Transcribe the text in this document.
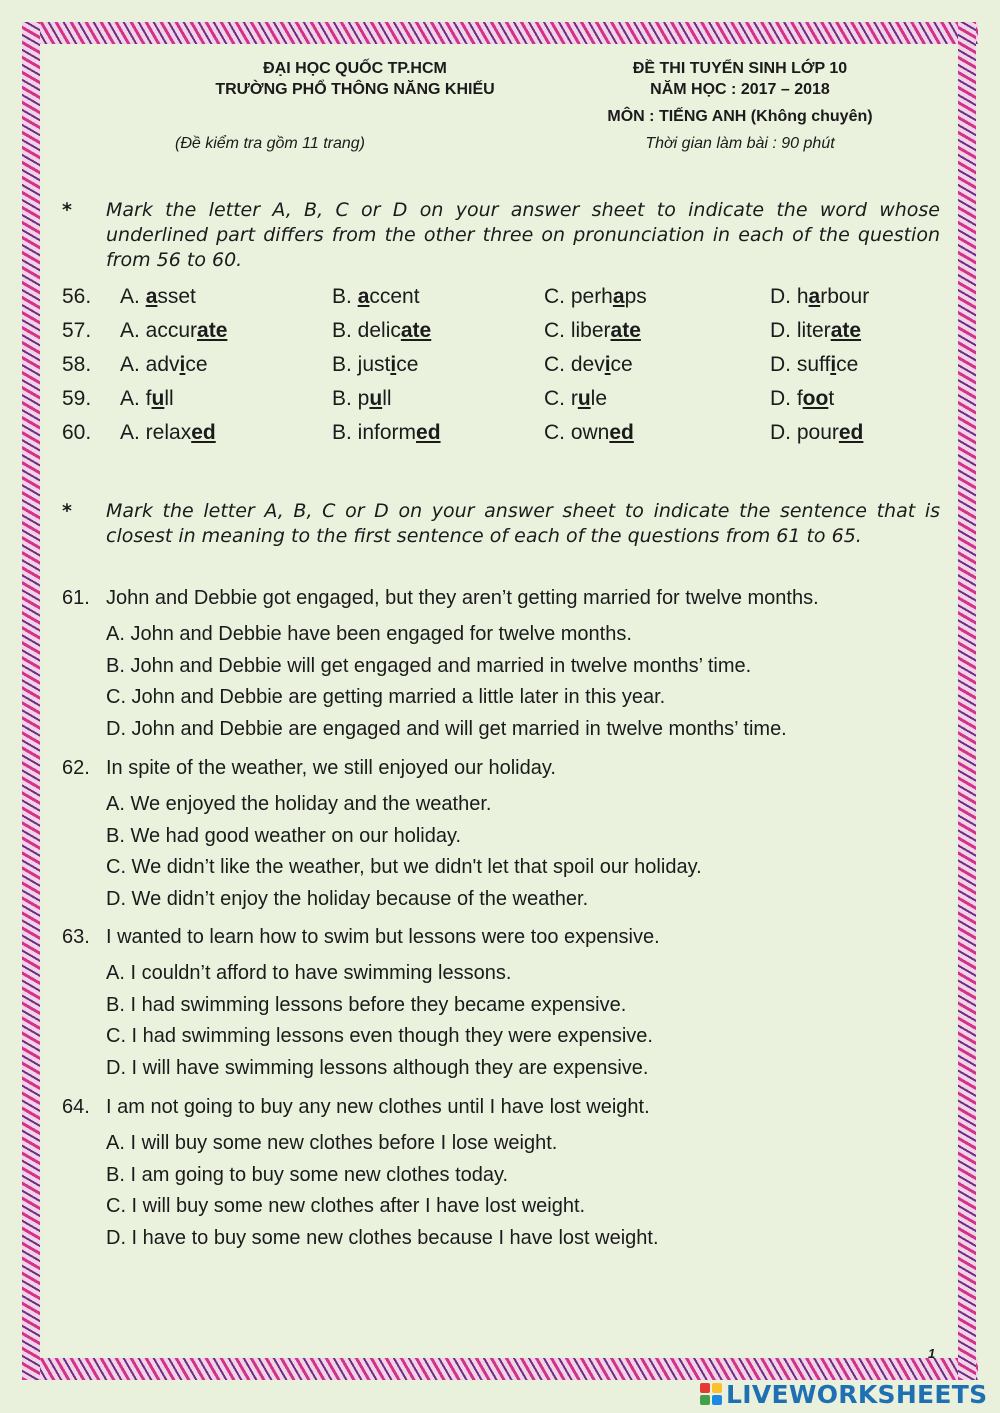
ĐẠI HỌC QUỐC TP.HCM
TRƯỜNG PHỔ THÔNG NĂNG KHIẾU
ĐỀ THI TUYỂN SINH LỚP 10
NĂM HỌC : 2017 – 2018
MÔN : TIẾNG ANH (Không chuyên)
(Đề kiểm tra gồm 11 trang)	Thời gian làm bài : 90 phút
* Mark the letter A, B, C or D on your answer sheet to indicate the word whose underlined part differs from the other three on pronunciation in each of the question from 56 to 60.
56. A. asset	B. accent	C. perhaps	D. harbour
57. A. accurate	B. delicate	C. liberate	D. literate
58. A. advice	B. justice	C. device	D. suffice
59. A. full	B. pull	C. rule	D. foot
60. A. relaxed	B. informed	C. owned	D. poured
* Mark the letter A, B, C or D on your answer sheet to indicate the sentence that is closest in meaning to the first sentence of each of the questions from 61 to 65.
61. John and Debbie got engaged, but they aren’t getting married for twelve months.
A. John and Debbie have been engaged for twelve months.
B. John and Debbie will get engaged and married in twelve months’ time.
C. John and Debbie are getting married a little later in this year.
D. John and Debbie are engaged and will get married in twelve months’ time.
62. In spite of the weather, we still enjoyed our holiday.
A. We enjoyed the holiday and the weather.
B. We had good weather on our holiday.
C. We didn’t like the weather, but we didn't let that spoil our holiday.
D. We didn’t enjoy the holiday because of the weather.
63. I wanted to learn how to swim but lessons were too expensive.
A. I couldn’t afford to have swimming lessons.
B. I had swimming lessons before they became expensive.
C. I had swimming lessons even though they were expensive.
D. I will have swimming lessons although they are expensive.
64. I am not going to buy any new clothes until I have lost weight.
A. I will buy some new clothes before I lose weight.
B. I am going to buy some new clothes today.
C. I will buy some new clothes after I have lost weight.
D. I have to buy some new clothes because I have lost weight.
1
LIVEWORKSHEETS
